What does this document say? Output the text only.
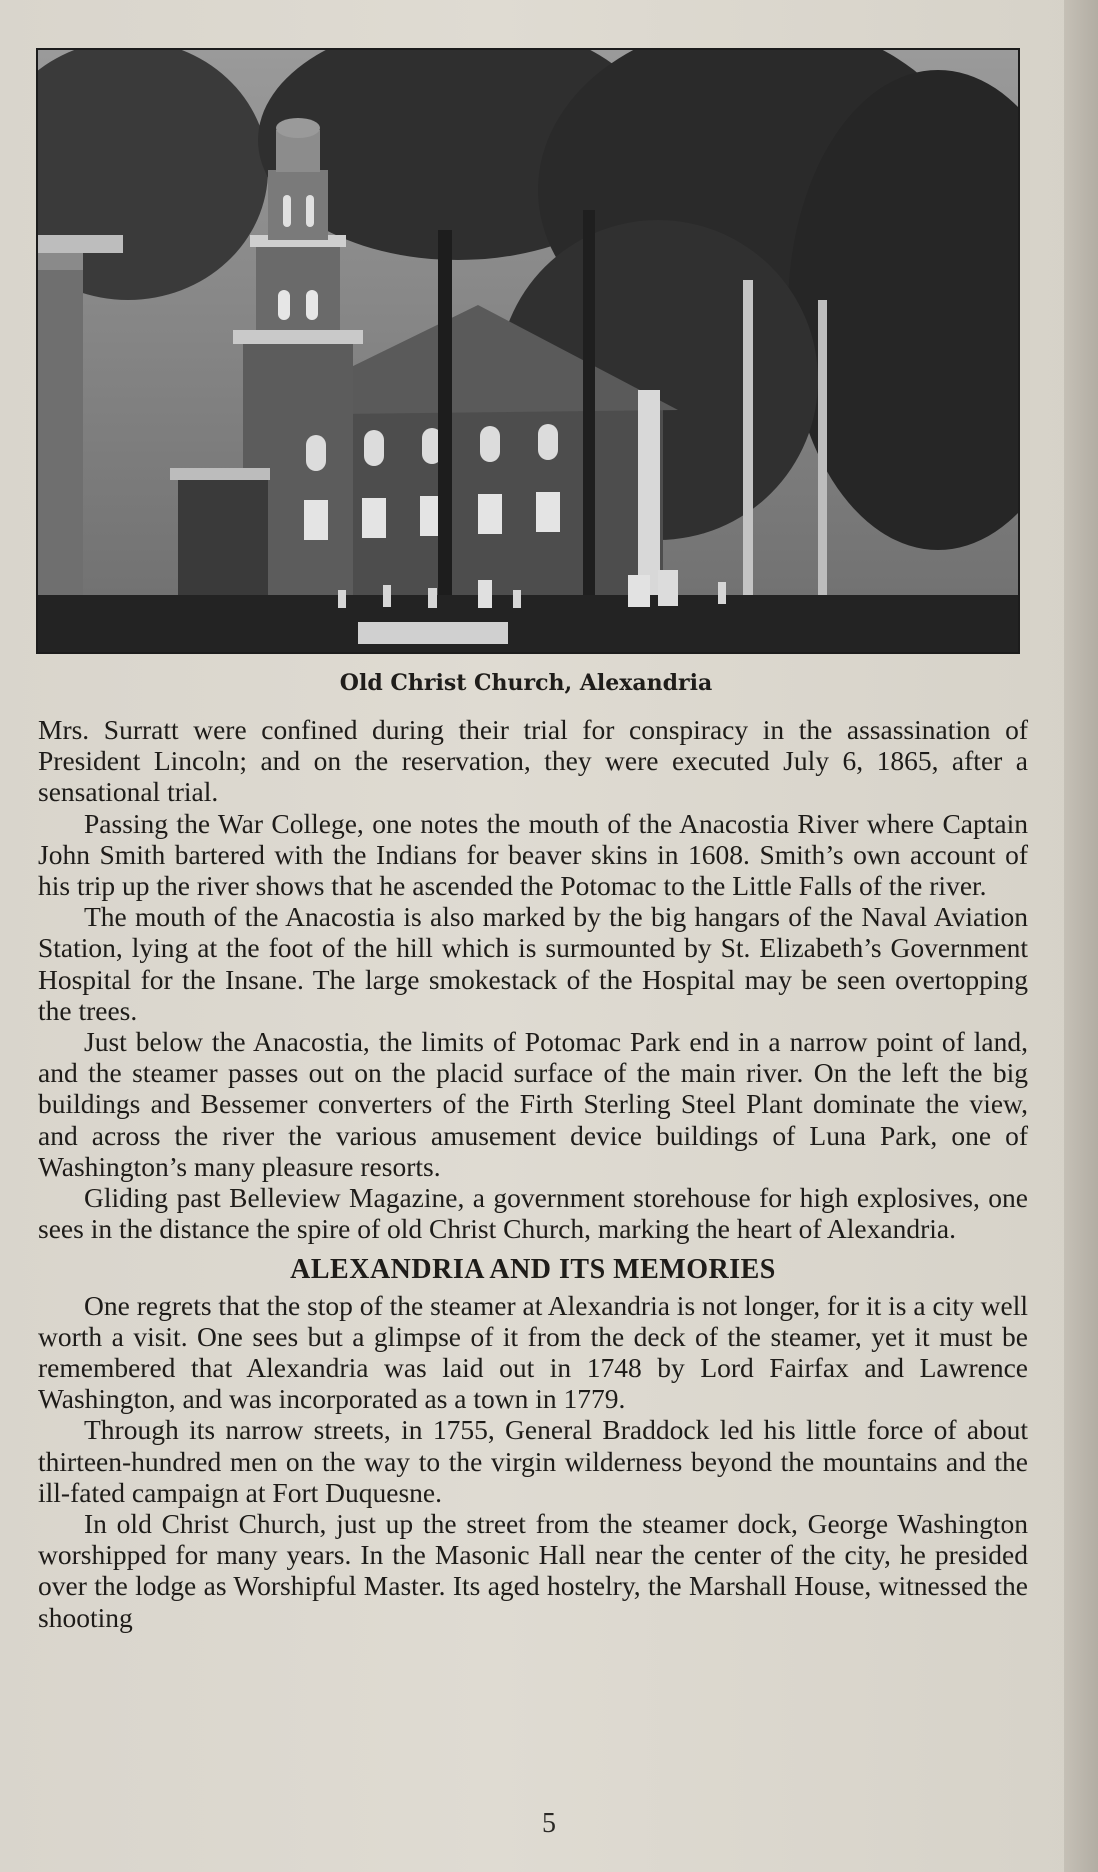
Old Christ Church, Alexandria

Mrs. Surratt were confined during their trial for conspiracy in the assassination of President Lincoln; and on the reservation, they were executed July 6, 1865, after a sensational trial.

Passing the War College, one notes the mouth of the Anacostia River where Captain John Smith bartered with the Indians for beaver skins in 1608. Smith’s own account of his trip up the river shows that he ascended the Potomac to the Little Falls of the river.

The mouth of the Anacostia is also marked by the big hangars of the Naval Aviation Station, lying at the foot of the hill which is surmounted by St. Elizabeth’s Government Hospital for the Insane. The large smokestack of the Hospital may be seen overtopping the trees.

Just below the Anacostia, the limits of Potomac Park end in a narrow point of land, and the steamer passes out on the placid surface of the main river. On the left the big buildings and Bessemer converters of the Firth Sterling Steel Plant dominate the view, and across the river the various amusement device buildings of Luna Park, one of Washington’s many pleasure resorts.

Gliding past Belleview Magazine, a government storehouse for high explosives, one sees in the distance the spire of old Christ Church, marking the heart of Alexandria.

ALEXANDRIA AND ITS MEMORIES

One regrets that the stop of the steamer at Alexandria is not longer, for it is a city well worth a visit. One sees but a glimpse of it from the deck of the steamer, yet it must be remembered that Alexandria was laid out in 1748 by Lord Fairfax and Lawrence Washington, and was incorporated as a town in 1779.

Through its narrow streets, in 1755, General Braddock led his little force of about thirteen-hundred men on the way to the virgin wilderness beyond the mountains and the ill-fated campaign at Fort Duquesne.

In old Christ Church, just up the street from the steamer dock, George Washington worshipped for many years. In the Masonic Hall near the center of the city, he presided over the lodge as Worshipful Master. Its aged hostelry, the Marshall House, witnessed the shooting

5
